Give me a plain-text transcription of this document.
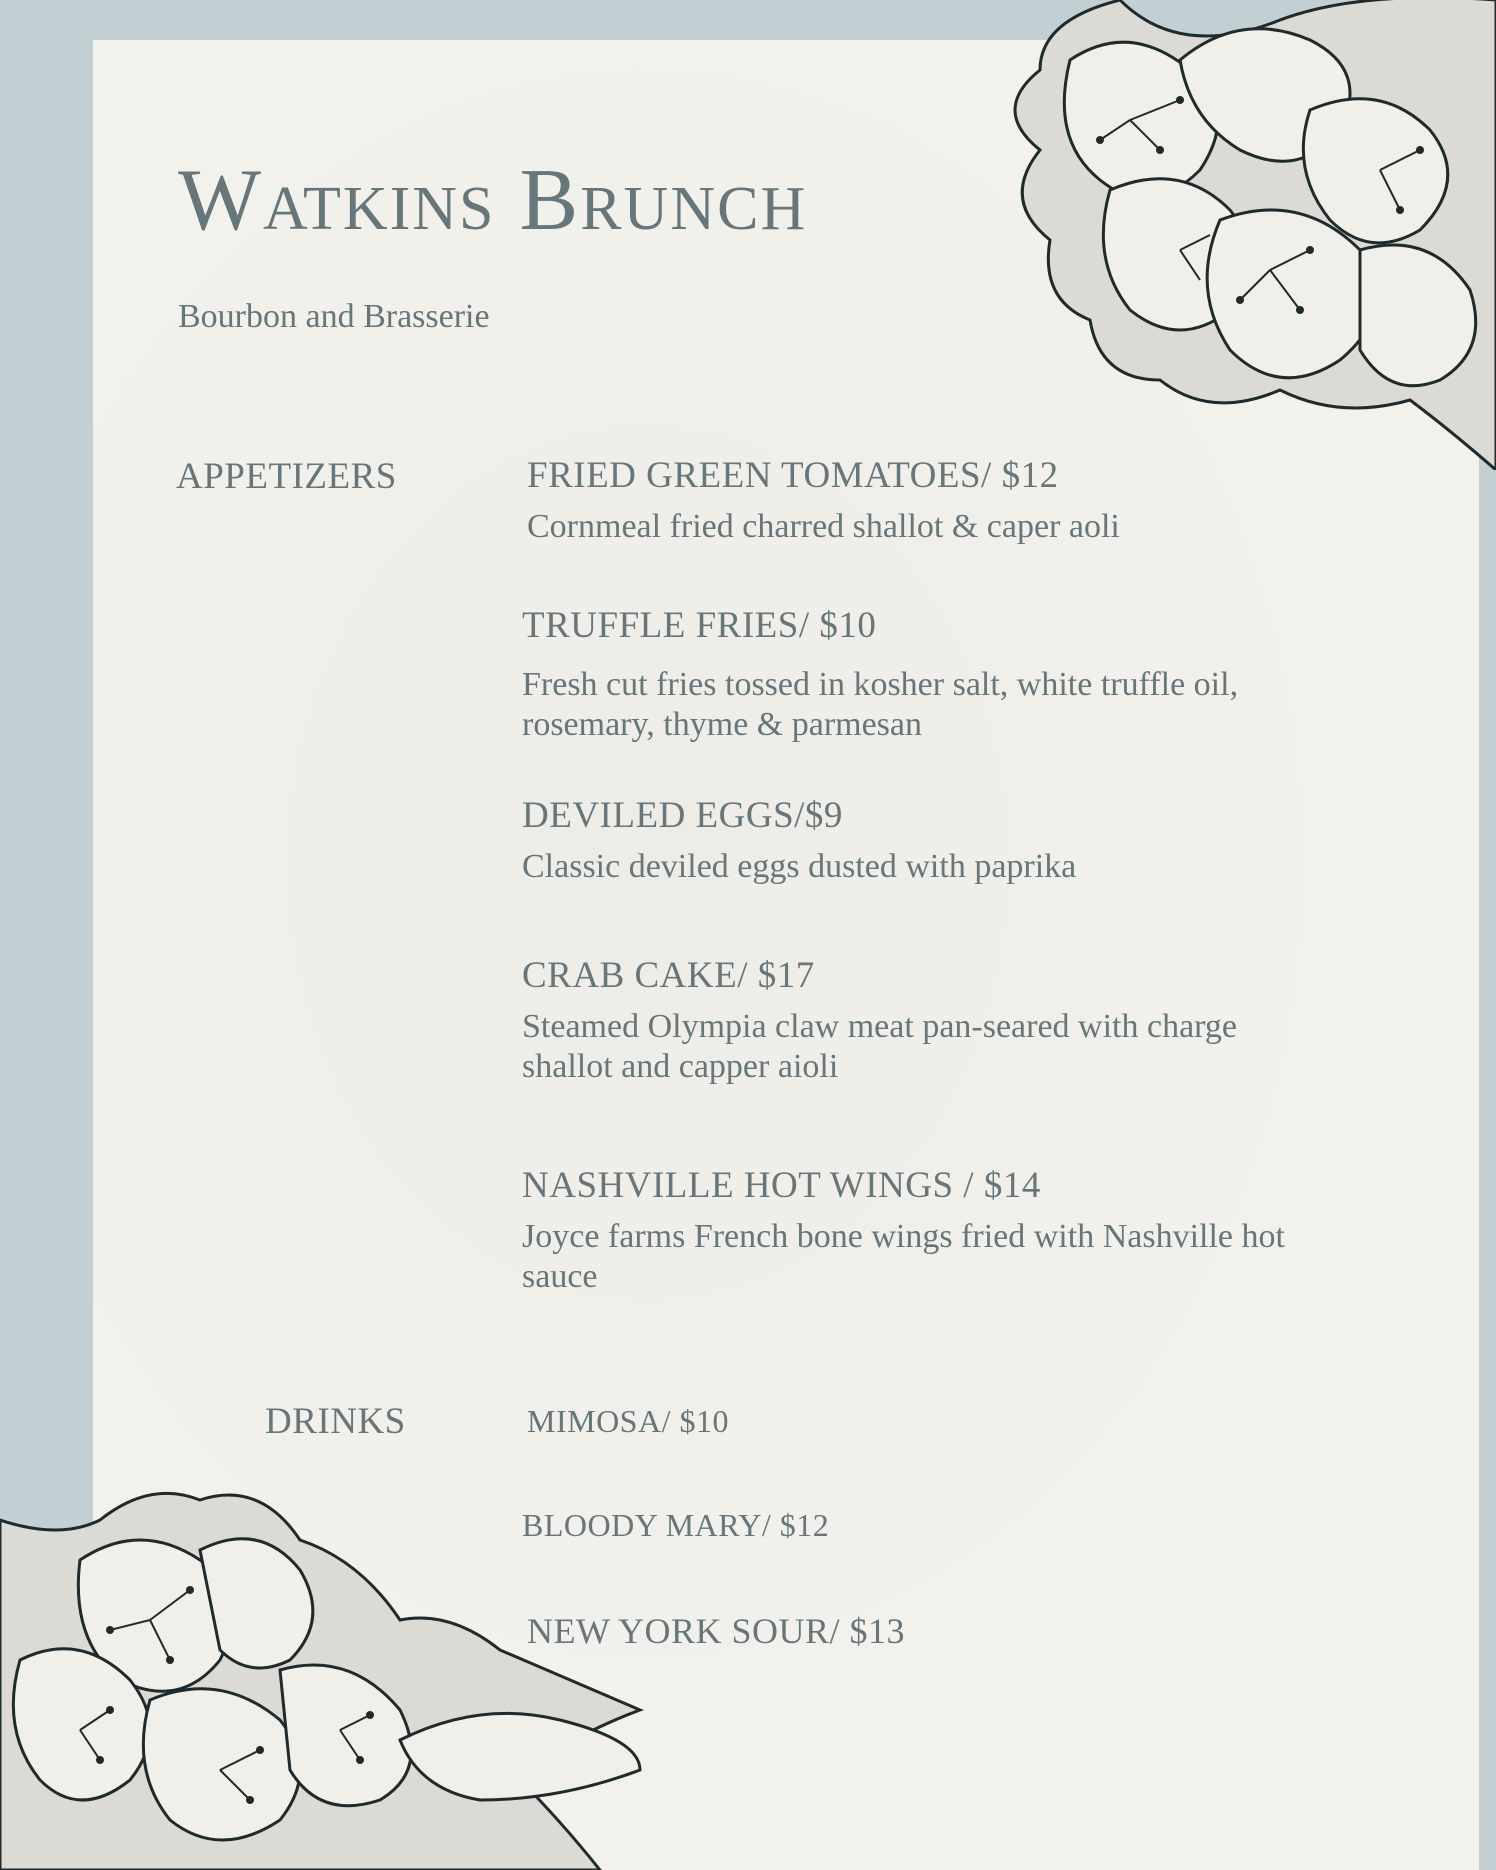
Watkins Brunch
Bourbon and Brasserie
APPETIZERS	FRIED GREEN TOMATOES/ $12
Cornmeal fried charred shallot & caper aoli
TRUFFLE FRIES/ $10
Fresh cut fries tossed in kosher salt, white truffle oil, rosemary, thyme & parmesan
DEVILED EGGS/$9
Classic deviled eggs dusted with paprika
CRAB CAKE/ $17
Steamed Olympia claw meat pan-seared with charge shallot and capper aioli
NASHVILLE HOT WINGS / $14
Joyce farms French bone wings fried with Nashville hot sauce
DRINKS	MIMOSA/ $10
BLOODY MARY/ $12
NEW YORK SOUR/ $13
